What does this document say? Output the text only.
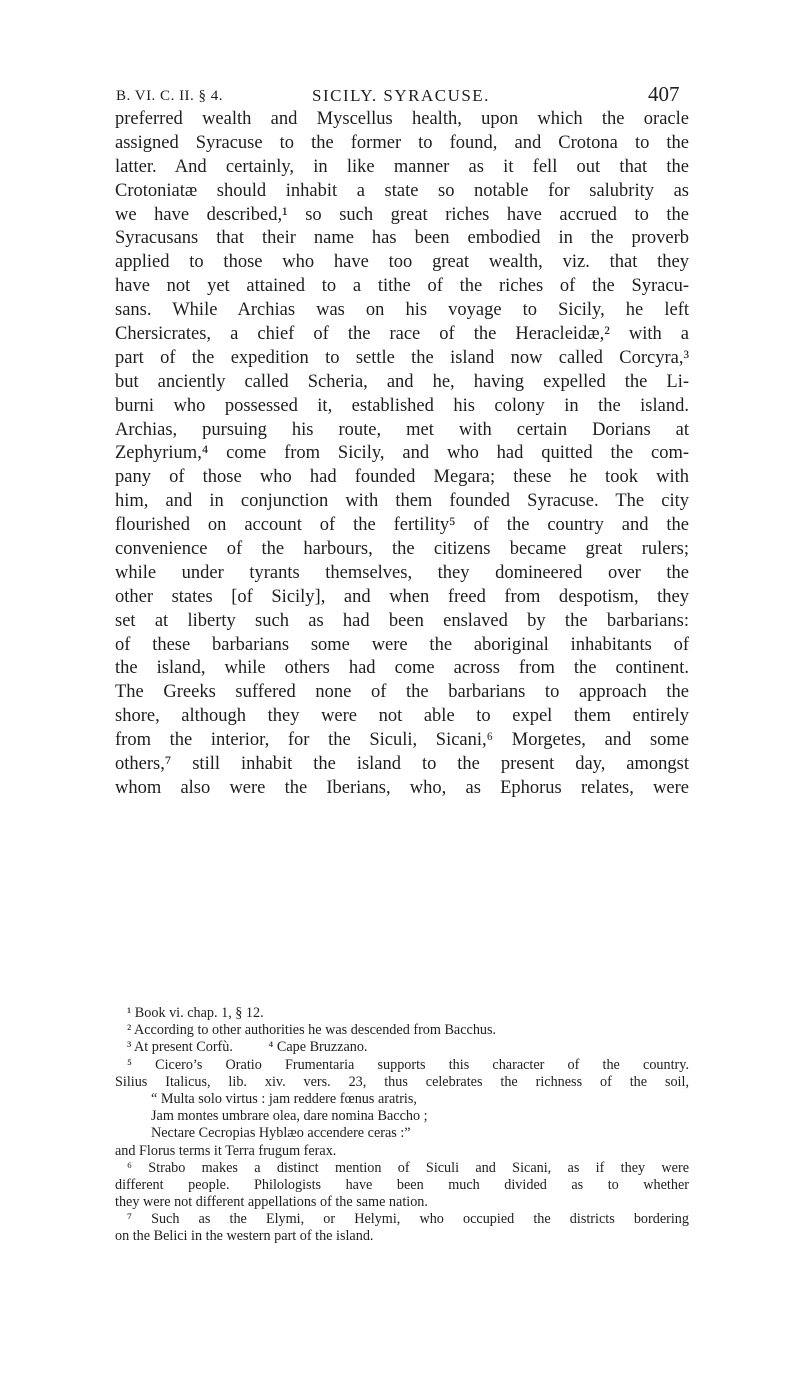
B. VI. C. II. § 4.	SICILY. SYRACUSE.	407
preferred wealth and Myscellus health, upon which the oracle
assigned Syracuse to the former to found, and Crotona to the
latter. And certainly, in like manner as it fell out that the
Crotoniatæ should inhabit a state so notable for salubrity as
we have described,¹ so such great riches have accrued to the
Syracusans that their name has been embodied in the proverb
applied to those who have too great wealth, viz. that they
have not yet attained to a tithe of the riches of the Syracu-
sans. While Archias was on his voyage to Sicily, he left
Chersicrates, a chief of the race of the Heracleidæ,² with a
part of the expedition to settle the island now called Corcyra,³
but anciently called Scheria, and he, having expelled the Li-
burni who possessed it, established his colony in the island.
Archias, pursuing his route, met with certain Dorians at
Zephyrium,⁴ come from Sicily, and who had quitted the com-
pany of those who had founded Megara; these he took with
him, and in conjunction with them founded Syracuse. The city
flourished on account of the fertility⁵ of the country and the
convenience of the harbours, the citizens became great rulers;
while under tyrants themselves, they domineered over the
other states [of Sicily], and when freed from despotism, they
set at liberty such as had been enslaved by the barbarians:
of these barbarians some were the aboriginal inhabitants of
the island, while others had come across from the continent.
The Greeks suffered none of the barbarians to approach the
shore, although they were not able to expel them entirely
from the interior, for the Siculi, Sicani,⁶ Morgetes, and some
others,⁷ still inhabit the island to the present day, amongst
whom also were the Iberians, who, as Ephorus relates, were
¹ Book vi. chap. 1, § 12.
² According to other authorities he was descended from Bacchus.
³ At present Corfù.          ⁴ Cape Bruzzano.
⁵ Cicero’s Oratio Frumentaria supports this character of the country.
Silius Italicus, lib. xiv. vers. 23, thus celebrates the richness of the soil,
“ Multa solo virtus : jam reddere fœnus aratris,
Jam montes umbrare olea, dare nomina Baccho ;
Nectare Cecropias Hyblæo accendere ceras :”
and Florus terms it Terra frugum ferax.
⁶ Strabo makes a distinct mention of Siculi and Sicani, as if they were
different people. Philologists have been much divided as to whether
they were not different appellations of the same nation.
⁷ Such as the Elymi, or Helymi, who occupied the districts bordering
on the Belici in the western part of the island.
